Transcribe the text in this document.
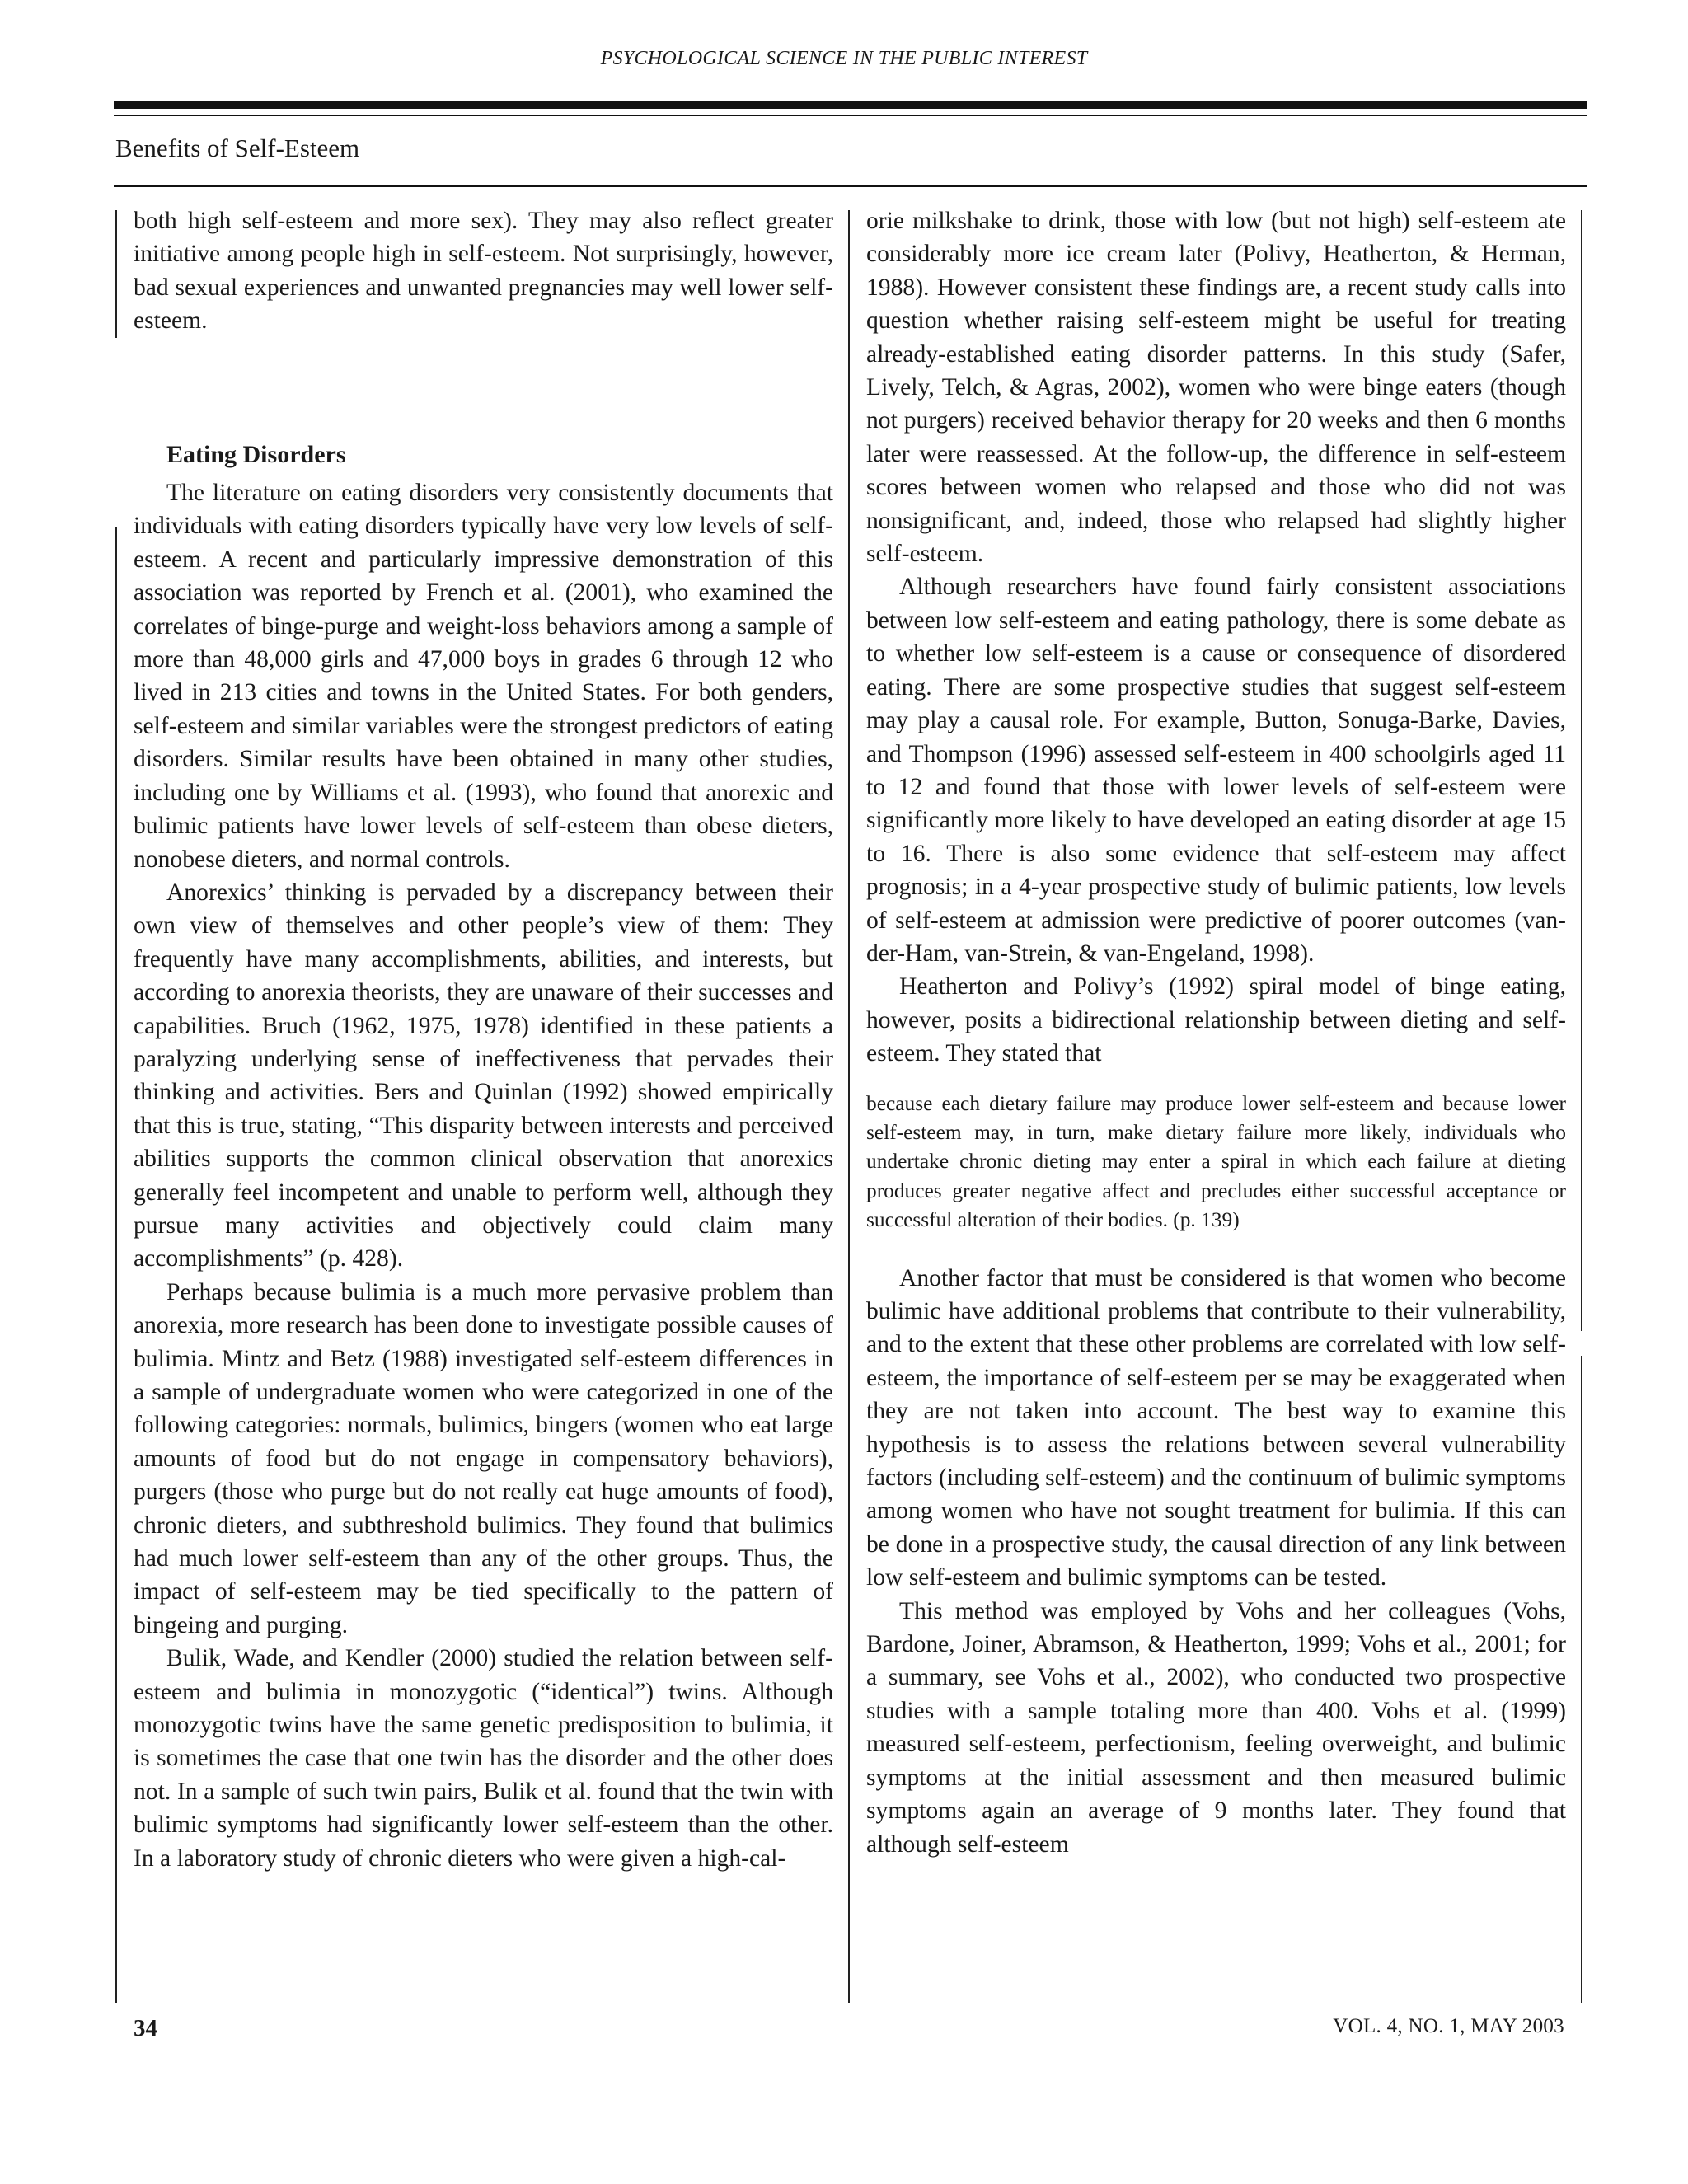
PSYCHOLOGICAL SCIENCE IN THE PUBLIC INTEREST
Benefits of Self-Esteem

both high self-esteem and more sex). They may also reflect greater initiative among people high in self-esteem. Not surprisingly, however, bad sexual experiences and unwanted pregnancies may well lower self-esteem.

Eating Disorders

The literature on eating disorders very consistently documents that individuals with eating disorders typically have very low levels of self-esteem. A recent and particularly impressive demonstration of this association was reported by French et al. (2001), who examined the correlates of binge-purge and weight-loss behaviors among a sample of more than 48,000 girls and 47,000 boys in grades 6 through 12 who lived in 213 cities and towns in the United States. For both genders, self-esteem and similar variables were the strongest predictors of eating disorders. Similar results have been obtained in many other studies, including one by Williams et al. (1993), who found that anorexic and bulimic patients have lower levels of self-esteem than obese dieters, nonobese dieters, and normal controls.

Anorexics’ thinking is pervaded by a discrepancy between their own view of themselves and other people’s view of them: They frequently have many accomplishments, abilities, and interests, but according to anorexia theorists, they are unaware of their successes and capabilities. Bruch (1962, 1975, 1978) identified in these patients a paralyzing underlying sense of ineffectiveness that pervades their thinking and activities. Bers and Quinlan (1992) showed empirically that this is true, stating, “This disparity between interests and perceived abilities supports the common clinical observation that anorexics generally feel incompetent and unable to perform well, although they pursue many activities and objectively could claim many accomplishments” (p. 428).

Perhaps because bulimia is a much more pervasive problem than anorexia, more research has been done to investigate possible causes of bulimia. Mintz and Betz (1988) investigated self-esteem differences in a sample of undergraduate women who were categorized in one of the following categories: normals, bulimics, bingers (women who eat large amounts of food but do not engage in compensatory behaviors), purgers (those who purge but do not really eat huge amounts of food), chronic dieters, and subthreshold bulimics. They found that bulimics had much lower self-esteem than any of the other groups. Thus, the impact of self-esteem may be tied specifically to the pattern of bingeing and purging.

Bulik, Wade, and Kendler (2000) studied the relation between self-esteem and bulimia in monozygotic (“identical”) twins. Although monozygotic twins have the same genetic predisposition to bulimia, it is sometimes the case that one twin has the disorder and the other does not. In a sample of such twin pairs, Bulik et al. found that the twin with bulimic symptoms had significantly lower self-esteem than the other. In a laboratory study of chronic dieters who were given a high-cal-

orie milkshake to drink, those with low (but not high) self-esteem ate considerably more ice cream later (Polivy, Heatherton, & Herman, 1988). However consistent these findings are, a recent study calls into question whether raising self-esteem might be useful for treating already-established eating disorder patterns. In this study (Safer, Lively, Telch, & Agras, 2002), women who were binge eaters (though not purgers) received behavior therapy for 20 weeks and then 6 months later were reassessed. At the follow-up, the difference in self-esteem scores between women who relapsed and those who did not was nonsignificant, and, indeed, those who relapsed had slightly higher self-esteem.

Although researchers have found fairly consistent associations between low self-esteem and eating pathology, there is some debate as to whether low self-esteem is a cause or consequence of disordered eating. There are some prospective studies that suggest self-esteem may play a causal role. For example, Button, Sonuga-Barke, Davies, and Thompson (1996) assessed self-esteem in 400 schoolgirls aged 11 to 12 and found that those with lower levels of self-esteem were significantly more likely to have developed an eating disorder at age 15 to 16. There is also some evidence that self-esteem may affect prognosis; in a 4-year prospective study of bulimic patients, low levels of self-esteem at admission were predictive of poorer outcomes (van-der-Ham, van-Strein, & van-Engeland, 1998).

Heatherton and Polivy’s (1992) spiral model of binge eating, however, posits a bidirectional relationship between dieting and self-esteem. They stated that

because each dietary failure may produce lower self-esteem and because lower self-esteem may, in turn, make dietary failure more likely, individuals who undertake chronic dieting may enter a spiral in which each failure at dieting produces greater negative affect and precludes either successful acceptance or successful alteration of their bodies. (p. 139)

Another factor that must be considered is that women who become bulimic have additional problems that contribute to their vulnerability, and to the extent that these other problems are correlated with low self-esteem, the importance of self-esteem per se may be exaggerated when they are not taken into account. The best way to examine this hypothesis is to assess the relations between several vulnerability factors (including self-esteem) and the continuum of bulimic symptoms among women who have not sought treatment for bulimia. If this can be done in a prospective study, the causal direction of any link between low self-esteem and bulimic symptoms can be tested.

This method was employed by Vohs and her colleagues (Vohs, Bardone, Joiner, Abramson, & Heatherton, 1999; Vohs et al., 2001; for a summary, see Vohs et al., 2002), who conducted two prospective studies with a sample totaling more than 400. Vohs et al. (1999) measured self-esteem, perfectionism, feeling overweight, and bulimic symptoms at the initial assessment and then measured bulimic symptoms again an average of 9 months later. They found that although self-esteem

34	VOL. 4, NO. 1, MAY 2003
